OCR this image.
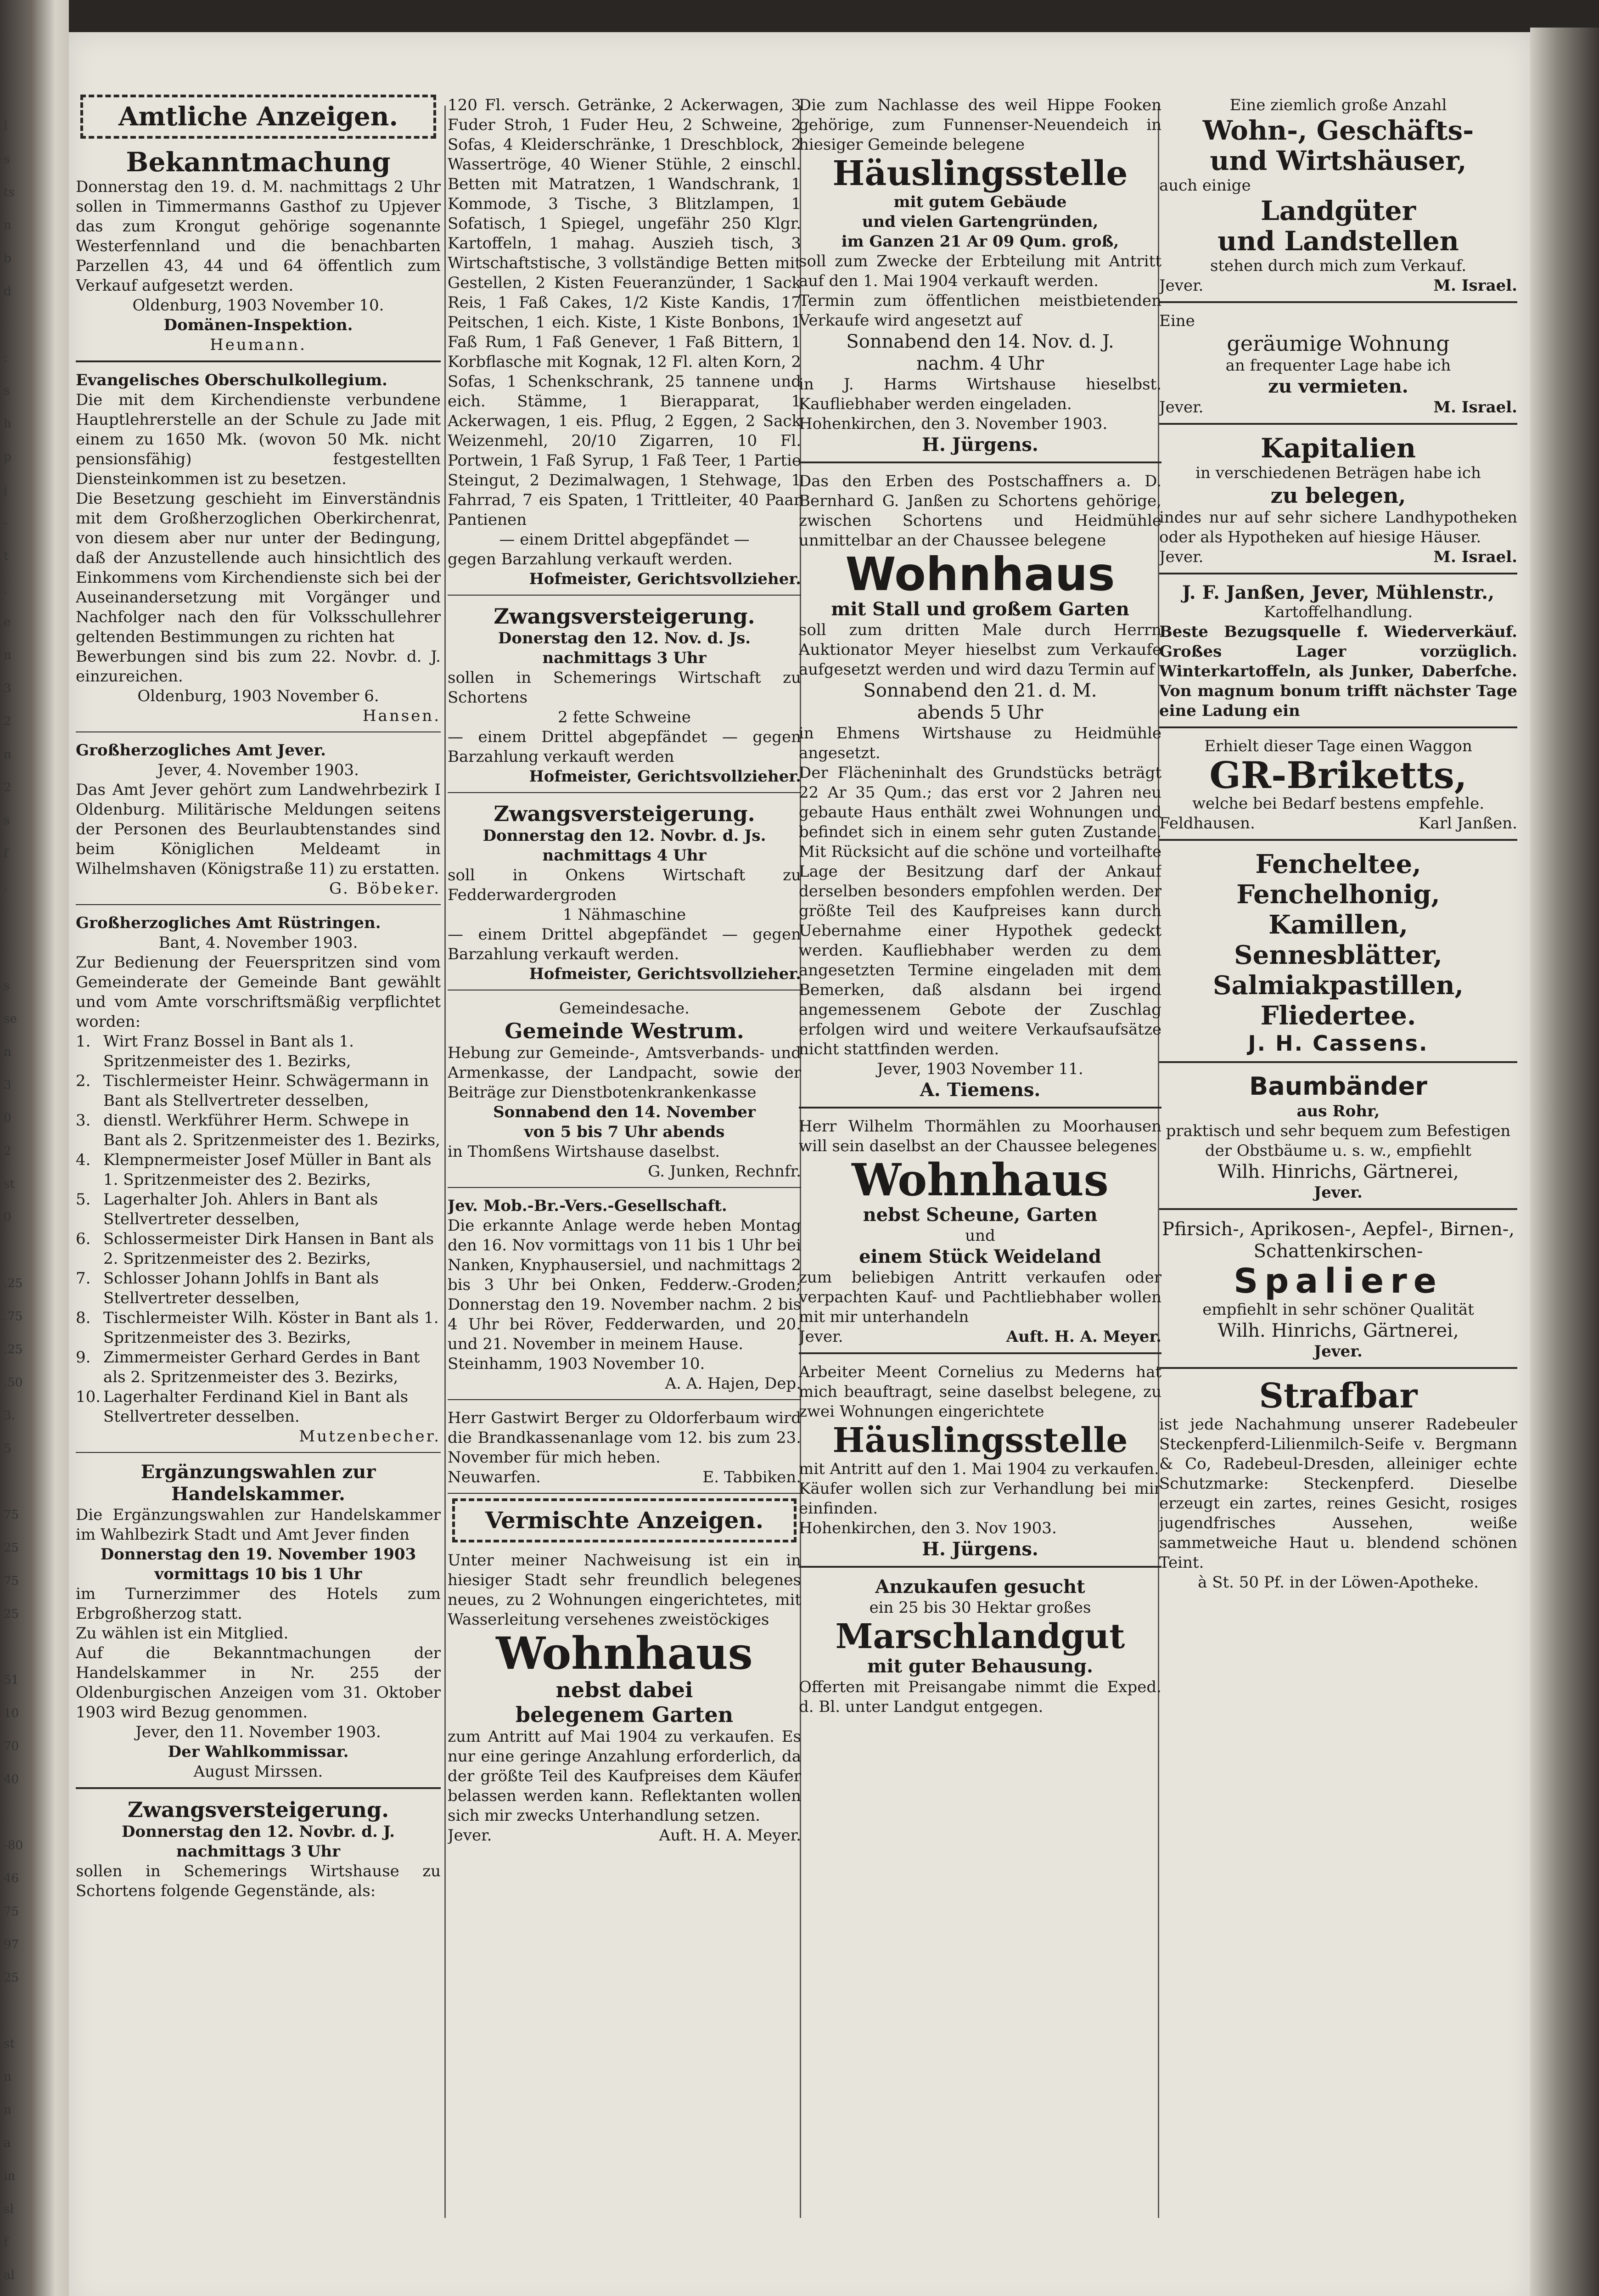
l
s
ts
n
b
d
:
s
h
p
j
-
t
.
e
n
3
2
n
2
s
f
.
s
se
n
3
0
2
st
0
.25
.75
.25
.50
3.
5
75
25
75
25
51
10
70
40
-80
46
75
97
25
st
n
n
a
in
sl
f
al
Amtliche Anzeigen.

Bekanntmachung

Donnerstag den 19. d. M. nachmittags 2 Uhr sollen in Timmermanns Gasthof zu Upjever das zum Krongut gehörige sogenannte Westerfennland und die benachbarten Parzellen 43, 44 und 64 öffentlich zum Verkauf aufgesetzt werden.

Oldenburg, 1903 November 10.

Domänen-Inspektion.

Heumann.

Evangelisches Oberschulkollegium.

Die mit dem Kirchendienste verbundene Hauptlehrerstelle an der Schule zu Jade mit einem zu 1650 Mk. (wovon 50 Mk. nicht pensionsfähig) festgestellten Diensteinkommen ist zu besetzen.

Die Besetzung geschieht im Einverständnis mit dem Großherzoglichen Oberkirchenrat, von diesem aber nur unter der Bedingung, daß der Anzustellende auch hinsichtlich des Einkommens vom Kirchendienste sich bei der Auseinandersetzung mit Vorgänger und Nachfolger nach den für Volksschullehrer geltenden Bestimmungen zu richten hat

Bewerbungen sind bis zum 22. Novbr. d. J. einzureichen.

Oldenburg, 1903 November 6.

Hansen.

Großherzogliches Amt Jever.

Jever, 4. November 1903.

Das Amt Jever gehört zum Landwehrbezirk I Oldenburg. Militärische Meldungen seitens der Personen des Beurlaubtenstandes sind beim Königlichen Meldeamt in Wilhelmshaven (Königstraße 11) zu erstatten.

G. Böbeker.

Großherzogliches Amt Rüstringen.

Bant, 4. November 1903.

Zur Bedienung der Feuerspritzen sind vom Gemeinderate der Gemeinde Bant gewählt und vom Amte vorschriftsmäßig verpflichtet worden:

1. Wirt Franz Bossel in Bant als 1. Spritzenmeister des 1. Bezirks,
2. Tischlermeister Heinr. Schwägermann in Bant als Stellvertreter desselben,
3. dienstl. Werkführer Herm. Schwepe in Bant als 2. Spritzenmeister des 1. Bezirks,
4. Klempnermeister Josef Müller in Bant als 1. Spritzenmeister des 2. Bezirks,
5. Lagerhalter Joh. Ahlers in Bant als Stellvertreter desselben,
6. Schlossermeister Dirk Hansen in Bant als 2. Spritzenmeister des 2. Bezirks,
7. Schlosser Johann Johlfs in Bant als Stellvertreter desselben,
8. Tischlermeister Wilh. Köster in Bant als 1. Spritzenmeister des 3. Bezirks,
9. Zimmermeister Gerhard Gerdes in Bant als 2. Spritzenmeister des 3. Bezirks,
10. Lagerhalter Ferdinand Kiel in Bant als Stellvertreter desselben.

Mutzenbecher.

Ergänzungswahlen zur Handelskammer.

Die Ergänzungswahlen zur Handelskammer im Wahlbezirk Stadt und Amt Jever finden

Donnerstag den 19. November 1903

vormittags 10 bis 1 Uhr

im Turnerzimmer des Hotels zum Erbgroßherzog statt.

Zu wählen ist ein Mitglied.

Auf die Bekanntmachungen der Handelskammer in Nr. 255 der Oldenburgischen Anzeigen vom 31. Oktober 1903 wird Bezug genommen.

Jever, den 11. November 1903.

Der Wahlkommissar.

August Mirssen.

Zwangsversteigerung.

Donnerstag den 12. Novbr. d. J.

nachmittags 3 Uhr

sollen in Schemerings Wirtshause zu Schortens folgende Gegenstände, als:

120 Fl. versch. Getränke, 2 Ackerwagen, 3 Fuder Stroh, 1 Fuder Heu, 2 Schweine, 2 Sofas, 4 Kleiderschränke, 1 Dreschblock, 2 Wassertröge, 40 Wiener Stühle, 2 einschl. Betten mit Matratzen, 1 Wandschrank, 1 Kommode, 3 Tische, 3 Blitzlampen, 1 Sofatisch, 1 Spiegel, ungefähr 250 Klgr. Kartoffeln, 1 mahag. Auszieh tisch, 3 Wirtschaftstische, 3 vollständige Betten mit Gestellen, 2 Kisten Feueranzünder, 1 Sack Reis, 1 Faß Cakes, 1/2 Kiste Kandis, 17 Peitschen, 1 eich. Kiste, 1 Kiste Bonbons, 1 Faß Rum, 1 Faß Genever, 1 Faß Bittern, 1 Korbflasche mit Kognak, 12 Fl. alten Korn, 2 Sofas, 1 Schenkschrank, 25 tannene und eich. Stämme, 1 Bierapparat, 1 Ackerwagen, 1 eis. Pflug, 2 Eggen, 2 Sack Weizenmehl, 20/10 Zigarren, 10 Fl. Portwein, 1 Faß Syrup, 1 Faß Teer, 1 Partie Steingut, 2 Dezimalwagen, 1 Stehwage, 1 Fahrrad, 7 eis Spaten, 1 Trittleiter, 40 Paar Pantienen

— einem Drittel abgepfändet —

gegen Barzahlung verkauft werden.

Hofmeister, Gerichtsvollzieher.

Zwangsversteigerung.

Donerstag den 12. Nov. d. Js.

nachmittags 3 Uhr

sollen in Schemerings Wirtschaft zu Schortens

2 fette Schweine

— einem Drittel abgepfändet — gegen Barzahlung verkauft werden

Hofmeister, Gerichtsvollzieher.

Zwangsversteigerung.

Donnerstag den 12. Novbr. d. Js.

nachmittags 4 Uhr

soll in Onkens Wirtschaft zu Fedderwardergroden

1 Nähmaschine

— einem Drittel abgepfändet — gegen Barzahlung verkauft werden.

Hofmeister, Gerichtsvollzieher.

Gemeindesache.

Gemeinde Westrum.

Hebung zur Gemeinde-, Amtsverbands- und Armenkasse, der Landpacht, sowie der Beiträge zur Dienstbotenkrankenkasse

Sonnabend den 14. November

von 5 bis 7 Uhr abends

in Thomßens Wirtshause daselbst.

G. Junken, Rechnfr.

Jev. Mob.-Br.-Vers.-Gesellschaft.

Die erkannte Anlage werde heben Montag den 16. Nov vormittags von 11 bis 1 Uhr bei Nanken, Knyphausersiel, und nachmittags 2 bis 3 Uhr bei Onken, Fedderw.-Groden; Donnerstag den 19. November nachm. 2 bis 4 Uhr bei Röver, Fedderwarden, und 20. und 21. November in meinem Hause.

Steinhamm, 1903 November 10.

A. A. Hajen, Dep.

Herr Gastwirt Berger zu Oldorferbaum wird die Brandkassenanlage vom 12. bis zum 23. November für mich heben.

Neuwarfen.	E. Tabbiken.
Vermischte Anzeigen.

Unter meiner Nachweisung ist ein in hiesiger Stadt sehr freundlich belegenes neues, zu 2 Wohnungen eingerichtetes, mit Wasserleitung versehenes zweistöckiges

Wohnhaus

nebst dabei

belegenem Garten

zum Antritt auf Mai 1904 zu verkaufen. Es nur eine geringe Anzahlung erforderlich, da der größte Teil des Kaufpreises dem Käufer belassen werden kann. Reflektanten wollen sich mir zwecks Unterhandlung setzen.

Jever.	Auft. H. A. Meyer.

Die zum Nachlasse des weil Hippe Fooken gehörige, zum Funnenser-Neuendeich in hiesiger Gemeinde belegene

Häuslingsstelle

mit gutem Gebäude

und vielen Gartengründen,

im Ganzen 21 Ar 09 Qum. groß,

soll zum Zwecke der Erbteilung mit Antritt auf den 1. Mai 1904 verkauft werden.

Termin zum öffentlichen meistbietenden Verkaufe wird angesetzt auf

Sonnabend den 14. Nov. d. J.

nachm. 4 Uhr

in J. Harms Wirtshause hieselbst. Kaufliebhaber werden eingeladen.

Hohenkirchen, den 3. November 1903.

H. Jürgens.

Das den Erben des Postschaffners a. D. Bernhard G. Janßen zu Schortens gehörige, zwischen Schortens und Heidmühle unmittelbar an der Chaussee belegene

Wohnhaus

mit Stall und großem Garten

soll zum dritten Male durch Herrn Auktionator Meyer hieselbst zum Verkaufe aufgesetzt werden und wird dazu Termin auf

Sonnabend den 21. d. M.

abends 5 Uhr

in Ehmens Wirtshause zu Heidmühle angesetzt.

Der Flächeninhalt des Grundstücks beträgt 22 Ar 35 Qum.; das erst vor 2 Jahren neu gebaute Haus enthält zwei Wohnungen und befindet sich in einem sehr guten Zustande. Mit Rücksicht auf die schöne und vorteilhafte Lage der Besitzung darf der Ankauf derselben besonders empfohlen werden. Der größte Teil des Kaufpreises kann durch Uebernahme einer Hypothek gedeckt werden. Kaufliebhaber werden zu dem angesetzten Termine eingeladen mit dem Bemerken, daß alsdann bei irgend angemessenem Gebote der Zuschlag erfolgen wird und weitere Verkaufsaufsätze nicht stattfinden werden.

Jever, 1903 November 11.

A. Tiemens.

Herr Wilhelm Thormählen zu Moorhausen will sein daselbst an der Chaussee belegenes

Wohnhaus

nebst Scheune, Garten

und

einem Stück Weideland

zum beliebigen Antritt verkaufen oder verpachten Kauf- und Pachtliebhaber wollen mit mir unterhandeln

Jever.	Auft. H. A. Meyer.

Arbeiter Meent Cornelius zu Mederns hat mich beauftragt, seine daselbst belegene, zu zwei Wohnungen eingerichtete

Häuslingsstelle

mit Antritt auf den 1. Mai 1904 zu verkaufen.

Käufer wollen sich zur Verhandlung bei mir einfinden.

Hohenkirchen, den 3. Nov 1903.

H. Jürgens.

Anzukaufen gesucht

ein 25 bis 30 Hektar großes

Marschlandgut

mit guter Behausung.

Offerten mit Preisangabe nimmt die Exped. d. Bl. unter Landgut entgegen.

Eine ziemlich große Anzahl

Wohn-, Geschäfts-

und Wirtshäuser,

auch einige

Landgüter

und Landstellen

stehen durch mich zum Verkauf.

Jever.	M. Israel.

Eine

geräumige Wohnung

an frequenter Lage habe ich

zu vermieten.

Jever.	M. Israel.

Kapitalien

in verschiedenen Beträgen habe ich

zu belegen,

indes nur auf sehr sichere Landhypotheken oder als Hypotheken auf hiesige Häuser.

Jever.	M. Israel.

J. F. Janßen, Jever, Mühlenstr.,

Kartoffelhandlung.

Beste Bezugsquelle f. Wiederverkäuf. Großes Lager vorzüglich. Winterkartoffeln, als Junker, Daberfche. Von magnum bonum trifft nächster Tage eine Ladung ein

Erhielt dieser Tage einen Waggon

GR-Briketts,

welche bei Bedarf bestens empfehle.

Feldhausen.	Karl Janßen.

Fencheltee,

Fenchelhonig,

Kamillen,

Sennesblätter,

Salmiakpastillen,

Fliedertee.

J. H. Cassens.

Baumbänder

aus Rohr,

praktisch und sehr bequem zum Befestigen der Obstbäume u. s. w., empfiehlt

Wilh. Hinrichs, Gärtnerei,

Jever.

Pfirsich-, Aprikosen-, Aepfel-, Birnen-, Schattenkirschen-

Spaliere

empfiehlt in sehr schöner Qualität

Wilh. Hinrichs, Gärtnerei,

Jever.

Strafbar

ist jede Nachahmung unserer Radebeuler Steckenpferd-Lilienmilch-Seife v. Bergmann & Co, Radebeul-Dresden, alleiniger echte Schutzmarke: Steckenpferd. Dieselbe erzeugt ein zartes, reines Gesicht, rosiges jugendfrisches Aussehen, weiße sammetweiche Haut u. blendend schönen Teint.

à St. 50 Pf. in der Löwen-Apotheke.
